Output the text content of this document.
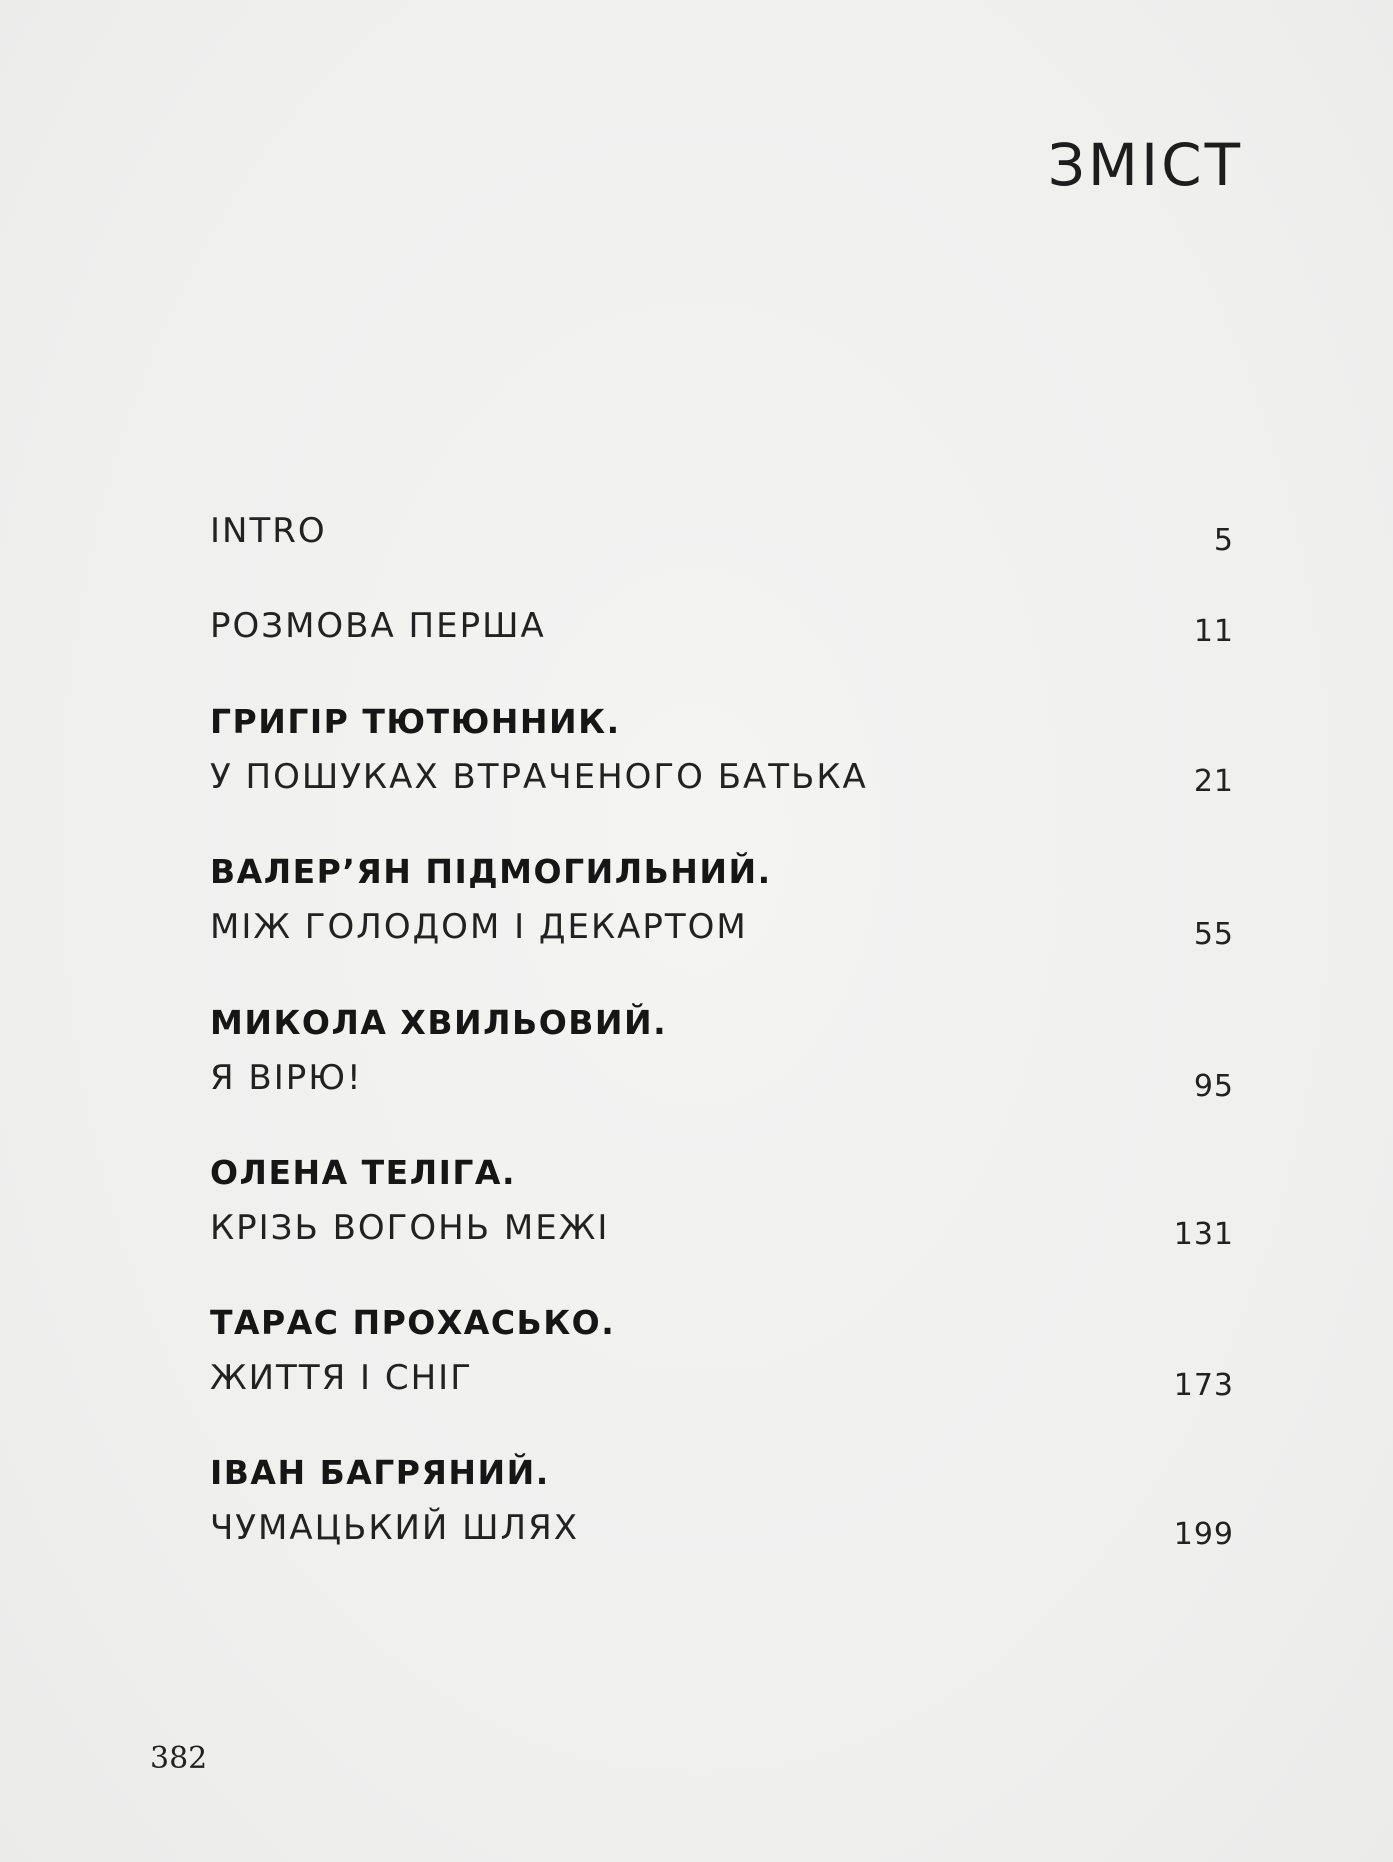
ЗМІСТ
INTRO	5
РОЗМОВА ПЕРША	11
ГРИГІР ТЮТЮННИК.
У ПОШУКАХ ВТРАЧЕНОГО БАТЬКА	21
ВАЛЕР’ЯН ПІДМОГИЛЬНИЙ.
МІЖ ГОЛОДОМ І ДЕКАРТОМ	55
МИКОЛА ХВИЛЬОВИЙ.
Я ВІРЮ!	95
ОЛЕНА ТЕЛІГА.
КРІЗЬ ВОГОНЬ МЕЖІ	131
ТАРАС ПРОХАСЬКО.
ЖИТТЯ І СНІГ	173
ІВАН БАГРЯНИЙ.
ЧУМАЦЬКИЙ ШЛЯХ	199
382
